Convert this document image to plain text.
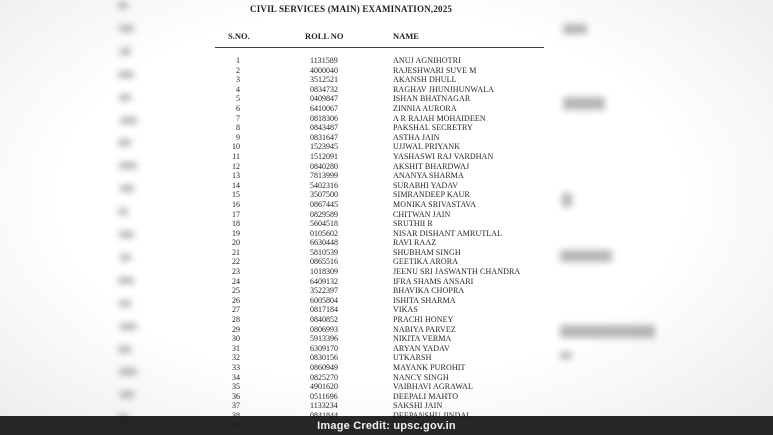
CIVIL SERVICES (MAIN) EXAMINATION,2025
S.NO.	ROLL NO	NAME
1	1131589	ANUJ AGNIHOTRI
2	4000040	RAJESHWARI SUVE M
3	3512521	AKANSH DHULL
4	0834732	RAGHAV JHUNJHUNWALA
5	0409847	ISHAN BHATNAGAR
6	6410067	ZINNIA AURORA
7	0818306	A R RAJAH MOHAIDEEN
8	0843487	PAKSHAL SECRETRY
9	0831647	ASTHA JAIN
10	1523945	UJJWAL PRIYANK
11	1512091	YASHASWI RAJ VARDHAN
12	0840280	AKSHIT BHARDWAJ
13	7813999	ANANYA SHARMA
14	5402316	SURABHI YADAV
15	3507500	SIMRANDEEP KAUR
16	0867445	MONIKA SRIVASTAVA
17	0829589	CHITWAN JAIN
18	5604518	SRUTHII R
19	0105602	NISAR DISHANT AMRUTLAL
20	6630448	RAVI RAAZ
21	5810539	SHUBHAM SINGH
22	0865516	GEETIKA ARORA
23	1018309	JEENU SRI JASWANTH CHANDRA
24	6409132	IFRA SHAMS ANSARI
25	3522397	BHAVIKA CHOPRA
26	6005804	ISHITA SHARMA
27	0817184	VIKAS
28	0840852	PRACHI HONEY
29	0806993	NABIYA PARVEZ
30	5913396	NIKITA VERMA
31	6309170	ARYAN YADAV
32	0830156	UTKARSH
33	0860949	MAYANK PUROHIT
34	0825270	NANCY SINGH
35	4901620	VAIBHAVI AGRAWAL
36	0511696	DEEPALI MAHTO
37	1133234	SAKSHI JAIN
Image Credit: upsc.gov.in
